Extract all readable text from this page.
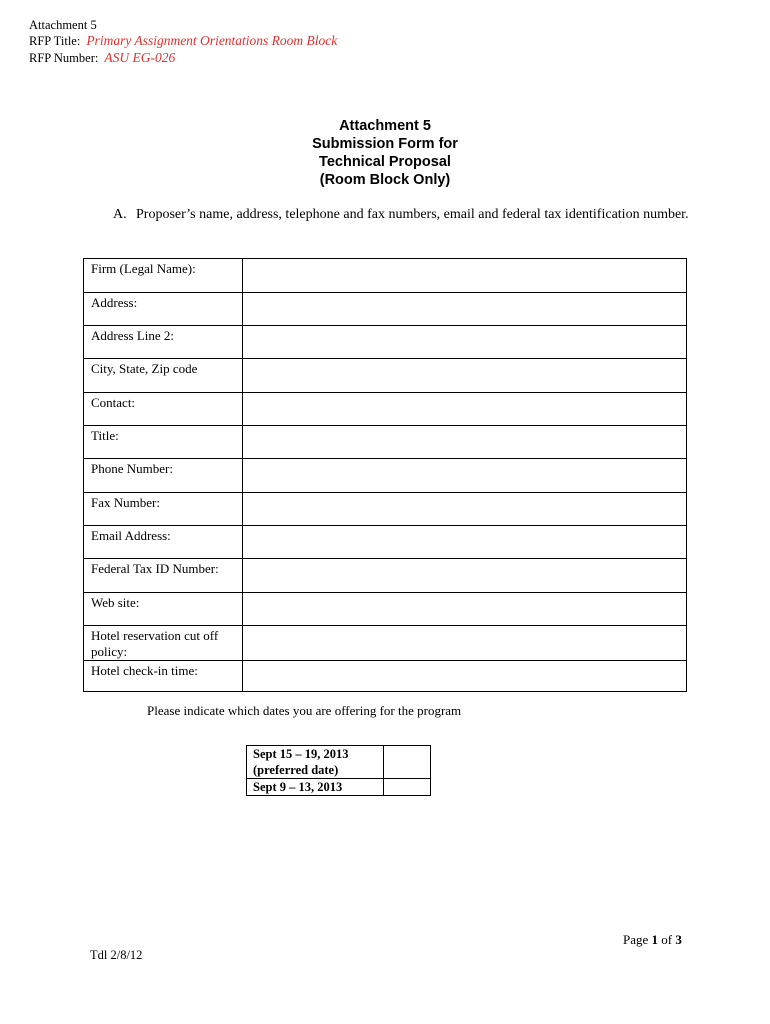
Attachment 5
RFP Title: Primary Assignment Orientations Room Block
RFP Number: ASU EG-026
Attachment 5
Submission Form for
Technical Proposal
(Room Block Only)
A. Proposer’s name, address, telephone and fax numbers, email and federal tax identification number.
Firm (Legal Name):	
Address:	
Address Line 2:	
City, State, Zip code	
Contact:	
Title:	
Phone Number:	
Fax Number:	
Email Address:	
Federal Tax ID Number:	
Web site:	
Hotel reservation cut off policy:	
Hotel check-in time:	
Please indicate which dates you are offering for the program
Sept 15 – 19, 2013 (preferred date)	
Sept 9 – 13, 2013	
Page 1 of 3
Tdl 2/8/12
